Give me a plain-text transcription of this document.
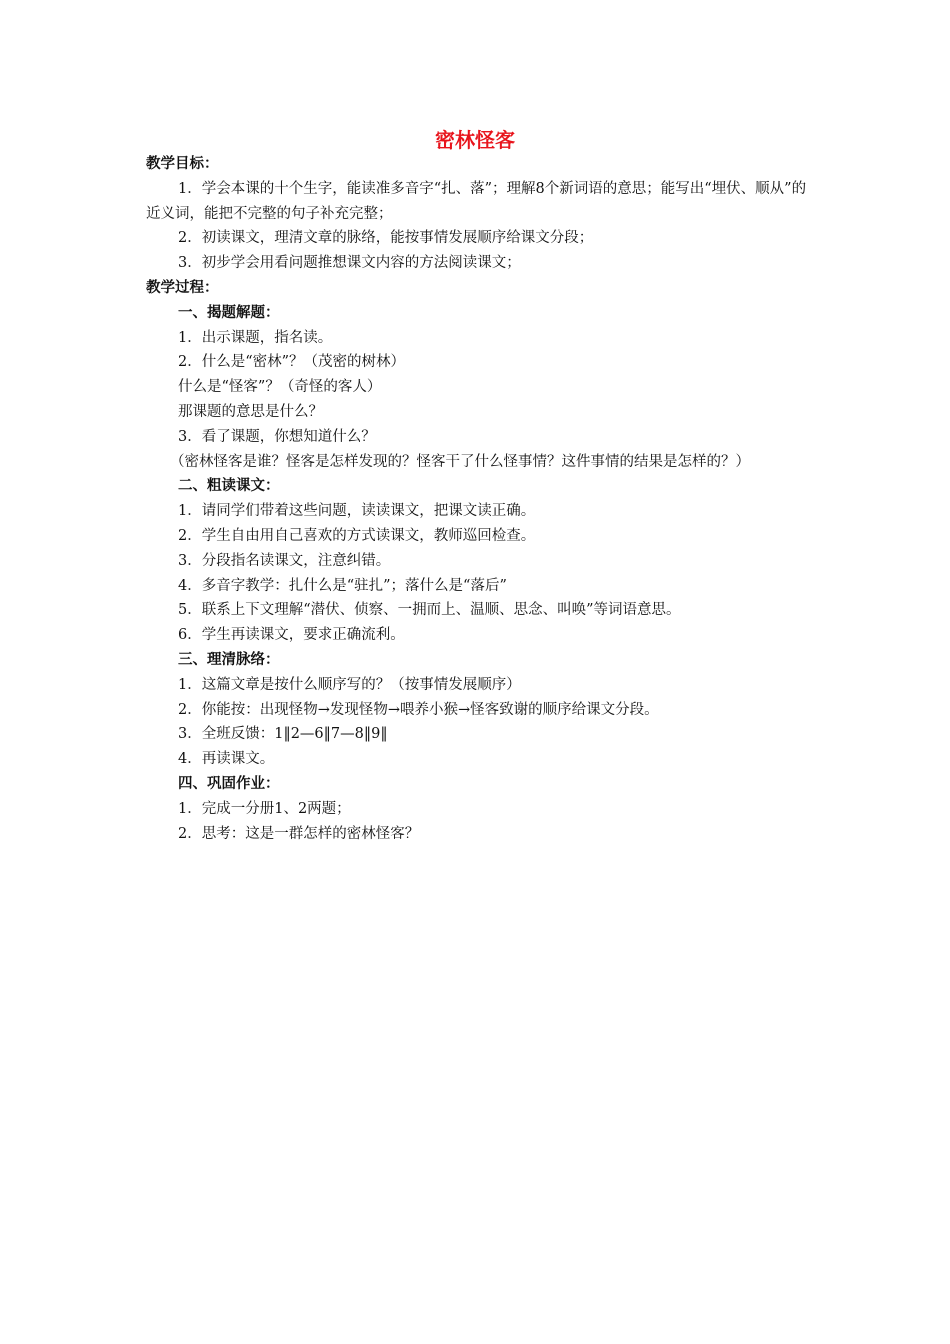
密林怪客
教学目标：
1．学会本课的十个生字，能读准多音字“扎、落”；理解8个新词语的意思；能写出“埋伏、顺从”的近义词，能把不完整的句子补充完整；
2．初读课文，理清文章的脉络，能按事情发展顺序给课文分段；
3．初步学会用看问题推想课文内容的方法阅读课文；
教学过程：
一、揭题解题：
1．出示课题，指名读。
2．什么是“密林”？（茂密的树林）
什么是“怪客”？（奇怪的客人）
那课题的意思是什么？
3．看了课题，你想知道什么？
（密林怪客是谁？怪客是怎样发现的？怪客干了什么怪事情？这件事情的结果是怎样的？）
二、粗读课文：
1．请同学们带着这些问题，读读课文，把课文读正确。
2．学生自由用自己喜欢的方式读课文，教师巡回检查。
3．分段指名读课文，注意纠错。
4．多音字教学：扎什么是“驻扎”；落什么是“落后”
5．联系上下文理解“潜伏、侦察、一拥而上、温顺、思念、叫唤”等词语意思。
6．学生再读课文，要求正确流利。
三、理清脉络：
1．这篇文章是按什么顺序写的？（按事情发展顺序）
2．你能按：出现怪物→发现怪物→喂养小猴→怪客致谢的顺序给课文分段。
3．全班反馈：1‖2—6‖7—8‖9‖
4．再读课文。
四、巩固作业：
1．完成一分册1、2两题；
2．思考：这是一群怎样的密林怪客？
